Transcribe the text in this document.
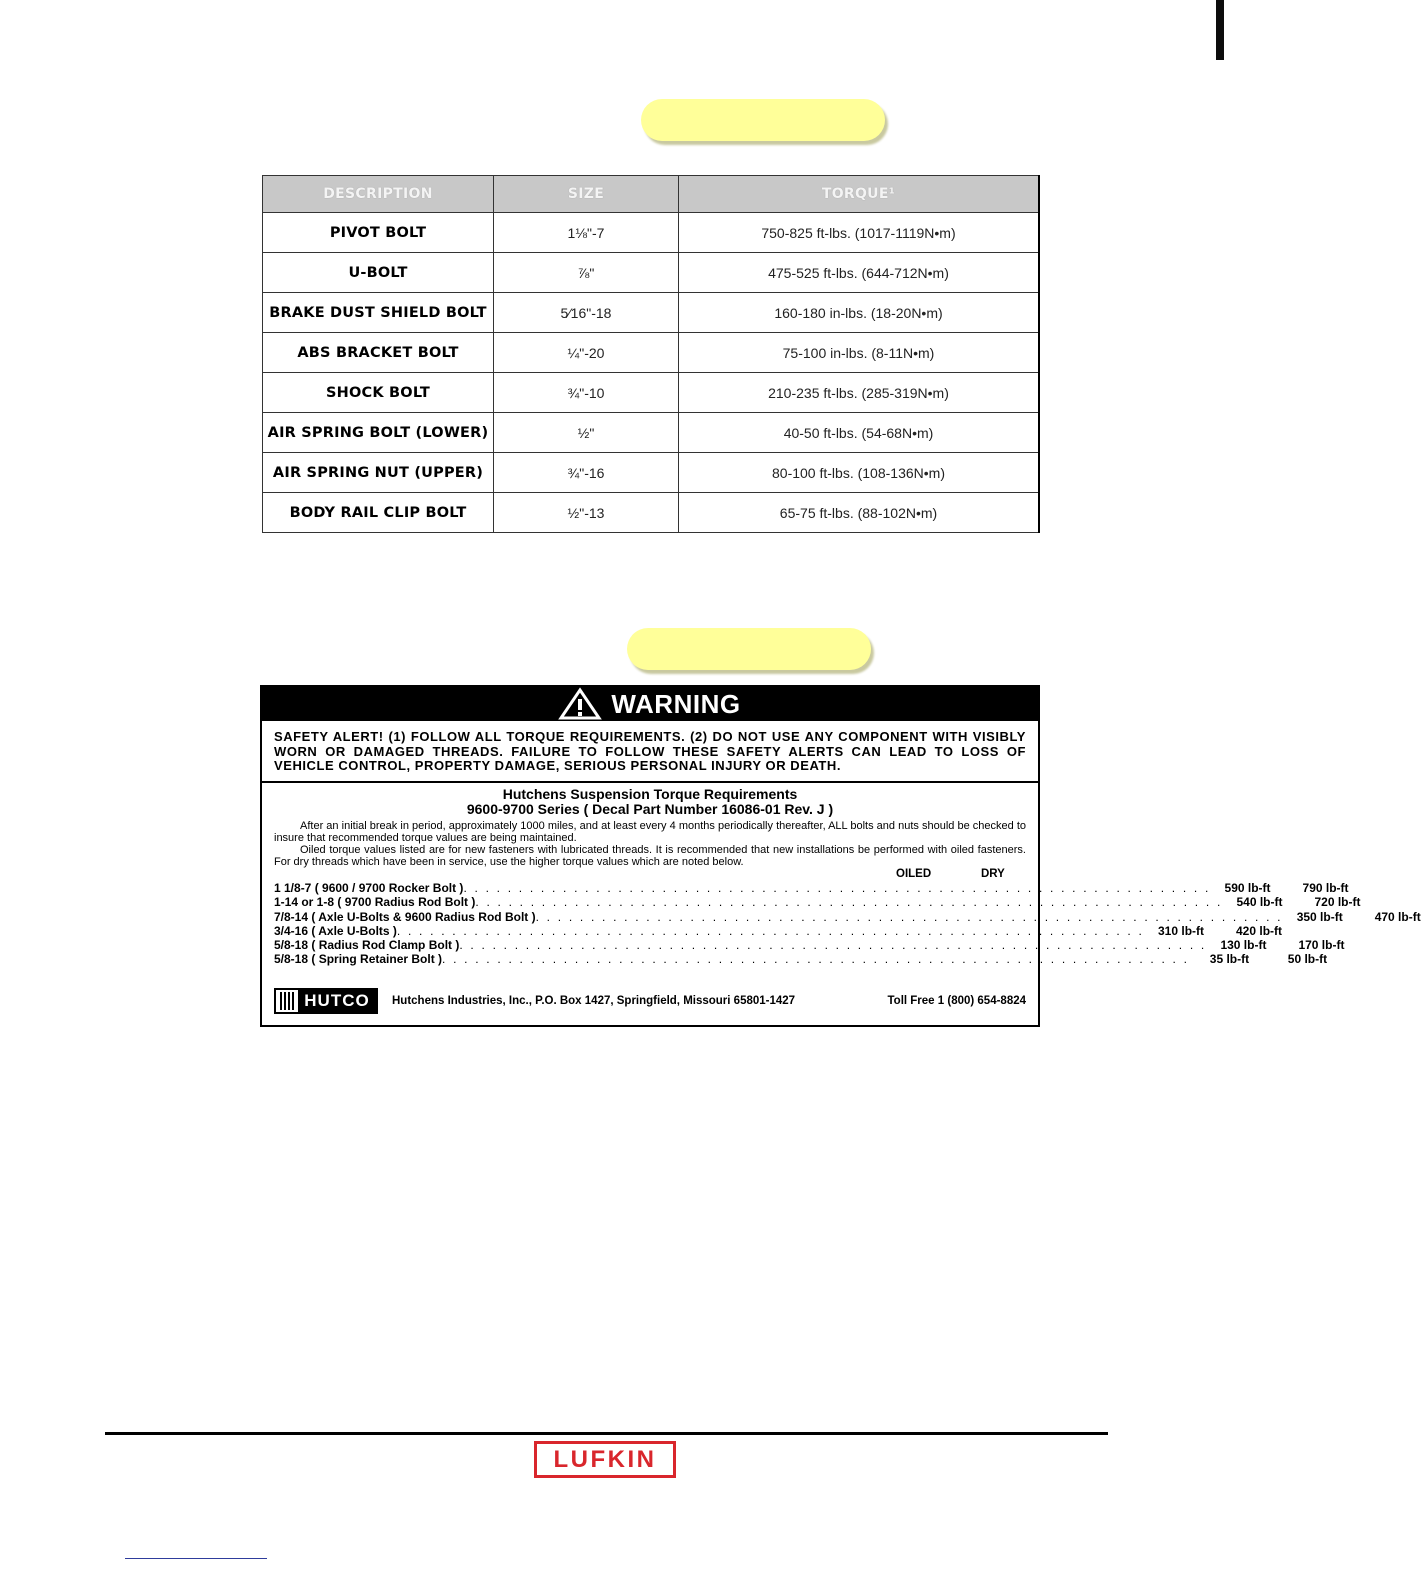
DESCRIPTION	SIZE	TORQUE¹
PIVOT BOLT	1⅛"-7	750-825 ft-lbs. (1017-1119N•m)
U-BOLT	⅞"	475-525 ft-lbs. (644-712N•m)
BRAKE DUST SHIELD BOLT	5⁄16"-18	160-180 in-lbs. (18-20N•m)
ABS BRACKET BOLT	¼"-20	75-100 in-lbs. (8-11N•m)
SHOCK BOLT	¾"-10	210-235 ft-lbs. (285-319N•m)
AIR SPRING BOLT (LOWER)	½"	40-50 ft-lbs. (54-68N•m)
AIR SPRING NUT (UPPER)	¾"-16	80-100 ft-lbs. (108-136N•m)
BODY RAIL CLIP BOLT	½"-13	65-75 ft-lbs. (88-102N•m)
WARNING
SAFETY ALERT! (1) FOLLOW ALL TORQUE REQUIREMENTS. (2) DO NOT USE ANY COMPONENT WITH VISIBLY WORN OR DAMAGED THREADS. FAILURE TO FOLLOW THESE SAFETY ALERTS CAN LEAD TO LOSS OF VEHICLE CONTROL, PROPERTY DAMAGE, SERIOUS PERSONAL INJURY OR DEATH.
Hutchens Suspension Torque Requirements
9600-9700 Series ( Decal Part Number 16086-01 Rev. J )

After an initial break in period, approximately 1000 miles, and at least every 4 months periodically thereafter, ALL bolts and nuts should be checked to insure that recommended torque values are being maintained.

Oiled torque values listed are for new fasteners with lubricated threads. It is recommended that new installations be performed with oiled fasteners. For dry threads which have been in service, use the higher torque values which are noted below.

OILED	DRY
1 1/8-7 ( 9600 / 9700 Rocker Bolt ) . . . . . . . . . . . . . . . . . . . . . . . . . . . . . . . . . . . . . . . . . . . . . . . . . . . . . . . . . . . . . . . . . . . .	590 lb-ft	790 lb-ft
1-14 or 1-8 ( 9700 Radius Rod Bolt ) . . . . . . . . . . . . . . . . . . . . . . . . . . . . . . . . . . . . . . . . . . . . . . . . . . . . . . . . . . . . . . . . . . . .	540 lb-ft	720 lb-ft
7/8-14 ( Axle U-Bolts & 9600 Radius Rod Bolt ) . . . . . . . . . . . . . . . . . . . . . . . . . . . . . . . . . . . . . . . . . . . . . . . . . . . . . . . . . . . . . . . . . . . .	350 lb-ft	470 lb-ft
3/4-16 ( Axle U-Bolts ) . . . . . . . . . . . . . . . . . . . . . . . . . . . . . . . . . . . . . . . . . . . . . . . . . . . . . . . . . . . . . . . . . . . .	310 lb-ft	420 lb-ft
5/8-18 ( Radius Rod Clamp Bolt ) . . . . . . . . . . . . . . . . . . . . . . . . . . . . . . . . . . . . . . . . . . . . . . . . . . . . . . . . . . . . . . . . . . . .	130 lb-ft	170 lb-ft
5/8-18 ( Spring Retainer Bolt ) . . . . . . . . . . . . . . . . . . . . . . . . . . . . . . . . . . . . . . . . . . . . . . . . . . . . . . . . . . . . . . . . . . . .	35 lb-ft	50 lb-ft
HUTCO	Hutchens Industries, Inc., P.O. Box 1427, Springfield, Missouri 65801-1427	Toll Free 1 (800) 654-8824
LUFKIN
